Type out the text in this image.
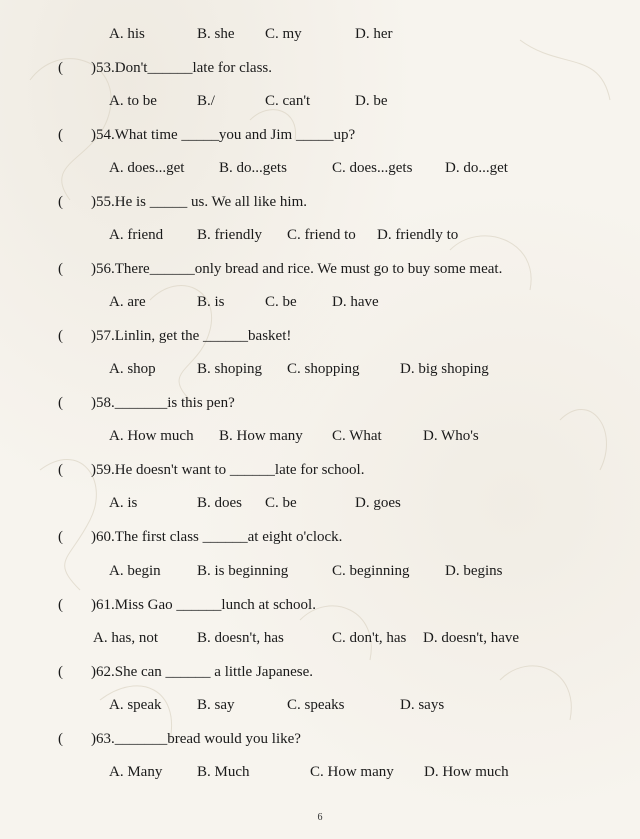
A. his	B. she C. my	D. her
( )53.Don't______late for class.
A. to be	B./	C. can't	D. be
( )54.What time _____you and Jim _____up?
A. does...get B. do...gets	C. does...gets D. do...get
( )55.He is _____ us. We all like him.
A. friend B. friendly C. friend to D. friendly to
( )56.There______only bread and rice. We must go to buy some meat.
A. are	B. is	C. be D. have
( )57.Linlin, get the ______basket!
A. shop	B. shoping C. shopping	D. big shoping
( )58._______is this pen?
A. How much B. How many C. What	D. Who's
( )59.He doesn't want to ______late for school.
A. is	B. does C. be	D. goes
( )60.The first class ______at eight o'clock.
A. begin B. is beginning	C. beginning D. begins
( )61.Miss Gao ______lunch at school.
A. has, not	B. doesn't, has	C. don't, has D. doesn't, have
( )62.She can ______ a little Japanese.
A. speak B. say	C. speaks	D. says
( )63._______bread would you like?
A. Many B. Much	C. How many D. How much
6
